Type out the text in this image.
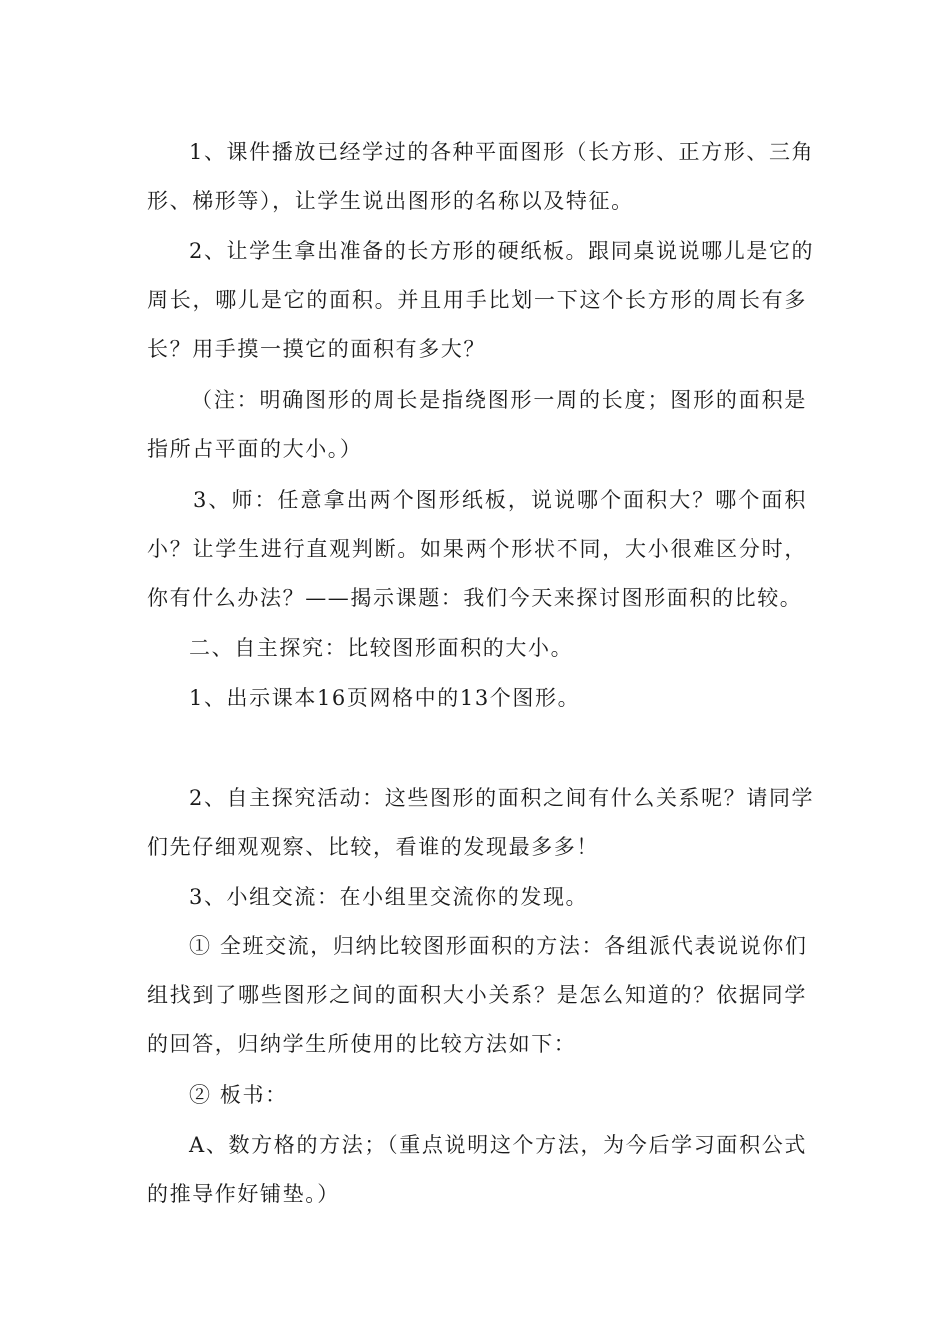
1、课件播放已经学过的各种平面图形（长方形、正方形、三角
形、梯形等），让学生说出图形的名称以及特征。
2、让学生拿出准备的长方形的硬纸板。跟同桌说说哪儿是它的
周长，哪儿是它的面积。并且用手比划一下这个长方形的周长有多
长？用手摸一摸它的面积有多大？
（注：明确图形的周长是指绕图形一周的长度；图形的面积是
指所占平面的大小。）
3、师：任意拿出两个图形纸板，说说哪个面积大？哪个面积
小？让学生进行直观判断。如果两个形状不同，大小很难区分时，
你有什么办法？——揭示课题：我们今天来探讨图形面积的比较。
二、自主探究：比较图形面积的大小。
1、出示课本16页网格中的13个图形。
2、自主探究活动：这些图形的面积之间有什么关系呢？请同学
们先仔细观观察、比较，看谁的发现最多多！
3、小组交流：在小组里交流你的发现。
① 全班交流，归纳比较图形面积的方法：各组派代表说说你们
组找到了哪些图形之间的面积大小关系？是怎么知道的？依据同学
的回答，归纳学生所使用的比较方法如下：
② 板书：
A、数方格的方法；（重点说明这个方法，为今后学习面积公式
的推导作好铺垫。）
